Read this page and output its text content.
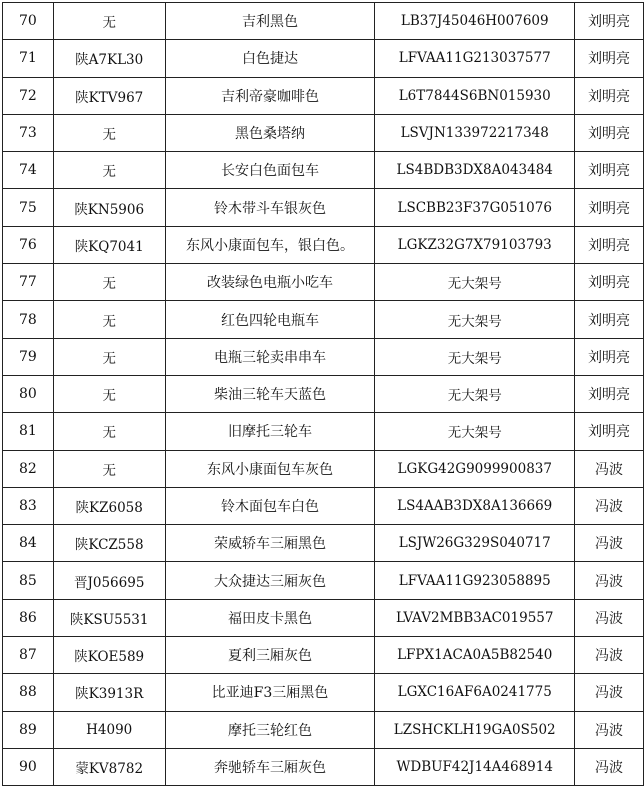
70	无	吉利黑色	LB37J45046H007609	刘明亮
71	陕A7KL30	白色捷达	LFVAA11G213037577	刘明亮
72	陕KTV967	吉利帝豪咖啡色	L6T7844S6BN015930	刘明亮
73	无	黑色桑塔纳	LSVJN133972217348	刘明亮
74	无	长安白色面包车	LS4BDB3DX8A043484	刘明亮
75	陕KN5906	铃木带斗车银灰色	LSCBB23F37G051076	刘明亮
76	陕KQ7041	东风小康面包车，银白色。	LGKZ32G7X79103793	刘明亮
77	无	改装绿色电瓶小吃车	无大架号	刘明亮
78	无	红色四轮电瓶车	无大架号	刘明亮
79	无	电瓶三轮卖串串车	无大架号	刘明亮
80	无	柴油三轮车天蓝色	无大架号	刘明亮
81	无	旧摩托三轮车	无大架号	刘明亮
82	无	东风小康面包车灰色	LGKG42G9099900837	冯波
83	陕KZ6058	铃木面包车白色	LS4AAB3DX8A136669	冯波
84	陕KCZ558	荣威轿车三厢黑色	LSJW26G329S040717	冯波
85	晋J056695	大众捷达三厢灰色	LFVAA11G923058895	冯波
86	陕KSU5531	福田皮卡黑色	LVAV2MBB3AC019557	冯波
87	陕KOE589	夏利三厢灰色	LFPX1ACA0A5B82540	冯波
88	陕K3913R	比亚迪F3三厢黑色	LGXC16AF6A0241775	冯波
89	H4090	摩托三轮红色	LZSHCKLH19GA0S502	冯波
90	蒙KV8782	奔驰轿车三厢灰色	WDBUF42J14A468914	冯波
